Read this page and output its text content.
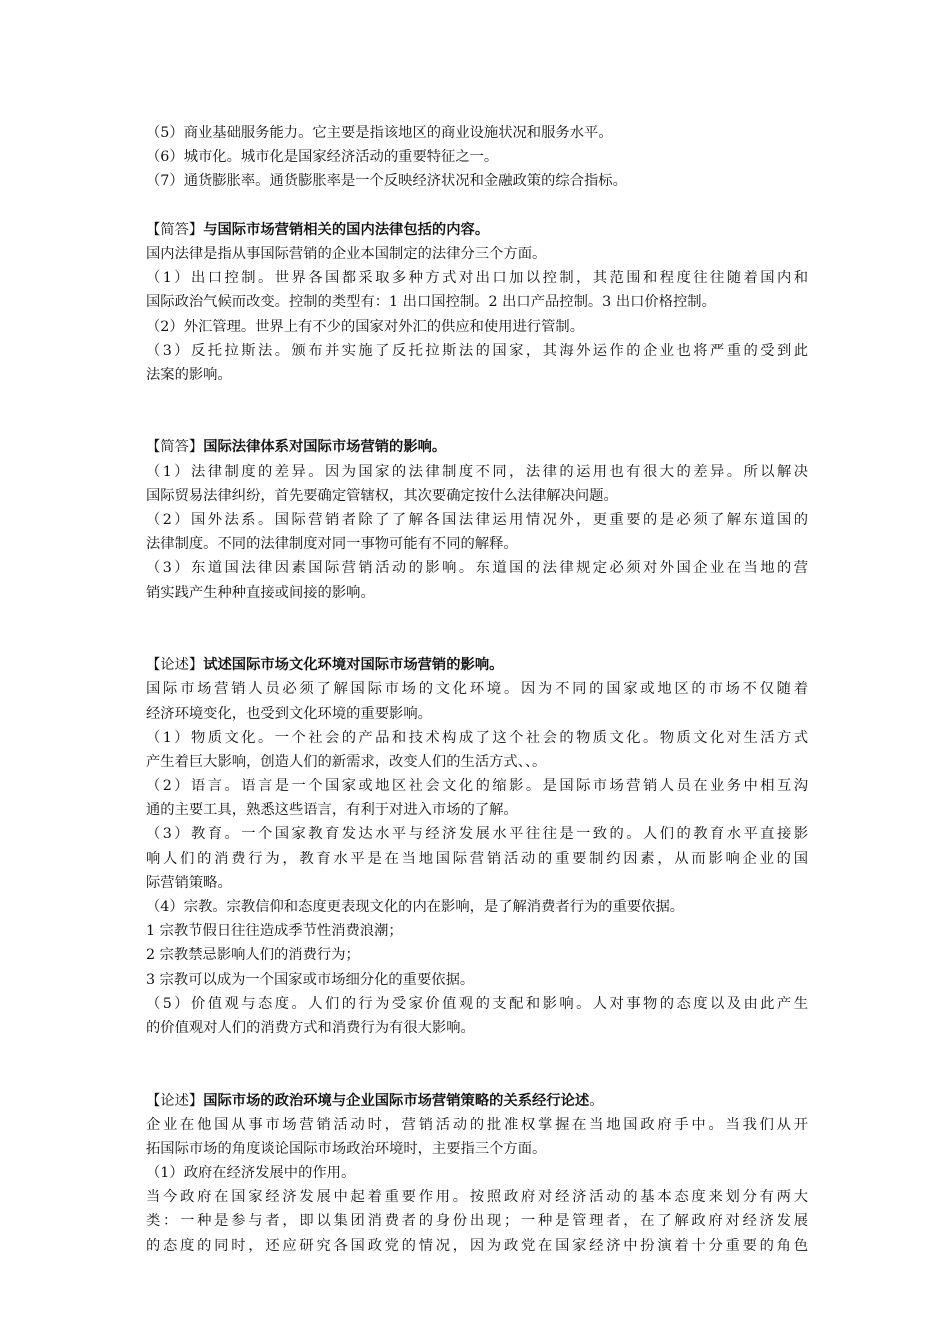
（5）商业基础服务能力。它主要是指该地区的商业设施状况和服务水平。
（6）城市化。城市化是国家经济活动的重要特征之一。
（7）通货膨胀率。通货膨胀率是一个反映经济状况和金融政策的综合指标。
【简答】与国际市场营销相关的国内法律包括的内容。
国内法律是指从事国际营销的企业本国制定的法律分三个方面。
（1）出口控制。世界各国都采取多种方式对出口加以控制，其范围和程度往往随着国内和
国际政治气候而改变。控制的类型有：1 出口国控制。2 出口产品控制。3 出口价格控制。
（2）外汇管理。世界上有不少的国家对外汇的供应和使用进行管制。
（3）反托拉斯法。颁布并实施了反托拉斯法的国家，其海外运作的企业也将严重的受到此
法案的影响。
【简答】国际法律体系对国际市场营销的影响。
（1）法律制度的差异。因为国家的法律制度不同，法律的运用也有很大的差异。所以解决
国际贸易法律纠纷，首先要确定管辖权，其次要确定按什么法律解决问题。
（2）国外法系。国际营销者除了了解各国法律运用情况外，更重要的是必须了解东道国的
法律制度。不同的法律制度对同一事物可能有不同的解释。
（3）东道国法律因素国际营销活动的影响。东道国的法律规定必须对外国企业在当地的营
销实践产生种种直接或间接的影响。
【论述】试述国际市场文化环境对国际市场营销的影响。
国际市场营销人员必须了解国际市场的文化环境。因为不同的国家或地区的市场不仅随着
经济环境变化，也受到文化环境的重要影响。
（1）物质文化。一个社会的产品和技术构成了这个社会的物质文化。物质文化对生活方式
产生着巨大影响，创造人们的新需求，改变人们的生活方式、、。
（2）语言。语言是一个国家或地区社会文化的缩影。是国际市场营销人员在业务中相互沟
通的主要工具，熟悉这些语言，有利于对进入市场的了解。
（3）教育。一个国家教育发达水平与经济发展水平往往是一致的。人们的教育水平直接影
响人们的消费行为，教育水平是在当地国际营销活动的重要制约因素，从而影响企业的国
际营销策略。
（4）宗教。宗教信仰和态度更表现文化的内在影响，是了解消费者行为的重要依据。
1 宗教节假日往往造成季节性消费浪潮；
2 宗教禁忌影响人们的消费行为；
3 宗教可以成为一个国家或市场细分化的重要依据。
（5）价值观与态度。人们的行为受家价值观的支配和影响。人对事物的态度以及由此产生
的价值观对人们的消费方式和消费行为有很大影响。
【论述】国际市场的政治环境与企业国际市场营销策略的关系经行论述。
企业在他国从事市场营销活动时，营销活动的批准权掌握在当地国政府手中。当我们从开
拓国际市场的角度谈论国际市场政治环境时，主要指三个方面。
（1）政府在经济发展中的作用。
当今政府在国家经济发展中起着重要作用。按照政府对经济活动的基本态度来划分有两大
类：一种是参与者，即以集团消费者的身份出现；一种是管理者，在了解政府对经济发展
的态度的同时，还应研究各国政党的情况，因为政党在国家经济中扮演着十分重要的角色
